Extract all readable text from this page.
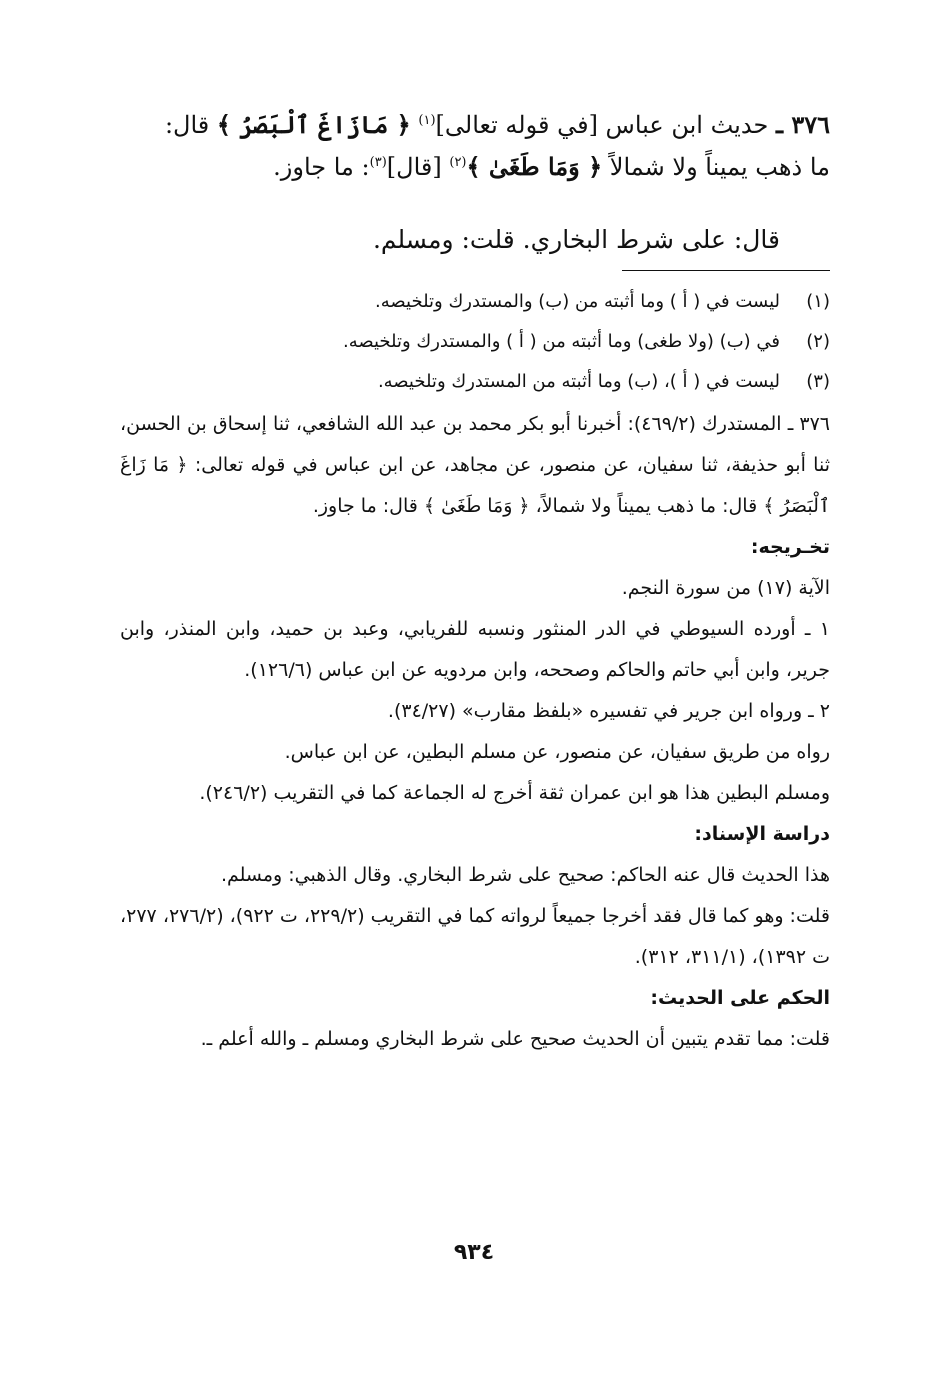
٣٧٦ ـ حديث ابن عباس [في قوله تعالى]$^{(١)}$ ﴿ مَازَاغَ ٱلْبَصَرُ ﴾ قال:

ما ذهب يميناً ولا شمالاً ﴿ وَمَا طَغَىٰ ﴾$^{(٢)}$ [قال]$^{(٣)}$: ما جاوز.

قال: على شرط البخاري. قلت: ومسلم.

(١)
ليست في ( أ ) وما أثبته من (ب) والمستدرك وتلخيصه.
(٢)
في (ب) (ولا طغى) وما أثبته من ( أ ) والمستدرك وتلخيصه.
(٣)
ليست في ( أ )، (ب) وما أثبته من المستدرك وتلخيصه.

٣٧٦ ـ المستدرك (٤٦٩/٢): أخبرنا أبو بكر محمد بن عبد الله الشافعي، ثنا إسحاق بن الحسن، ثنا أبو حذيفة، ثنا سفيان، عن منصور، عن مجاهد، عن ابن عباس في قوله تعالى: ﴿ مَا زَاغَ ٱلْبَصَرُ ﴾ قال: ما ذهب يميناً ولا شمالاً، ﴿ وَمَا طَغَىٰ ﴾ قال: ما جاوز.

تخـريجه:

الآية (١٧) من سورة النجم.

١ ـ أورده السيوطي في الدر المنثور ونسبه للفريابي، وعبد بن حميد، وابن المنذر، وابن جرير، وابن أبي حاتم والحاكم وصححه، وابن مردويه عن ابن عباس (١٢٦/٦).

٢ ـ ورواه ابن جرير في تفسيره «بلفظ مقارب» (٣٤/٢٧).

رواه من طريق سفيان، عن منصور، عن مسلم البطين، عن ابن عباس.

ومسلم البطين هذا هو ابن عمران ثقة أخرج له الجماعة كما في التقريب (٢٤٦/٢).

دراسة الإسناد:

هذا الحديث قال عنه الحاكم: صحيح على شرط البخاري. وقال الذهبي: ومسلم.

قلت: وهو كما قال فقد أخرجا جميعاً لرواته كما في التقريب (٢٢٩/٢، ت ٩٢٢)، (٢٧٦/٢، ٢٧٧، ت ١٣٩٢)، (٣١١/١، ٣١٢).

الحكم على الحديث:

قلت: مما تقدم يتبين أن الحديث صحيح على شرط البخاري ومسلم ـ والله أعلم ـ.

٩٣٤
